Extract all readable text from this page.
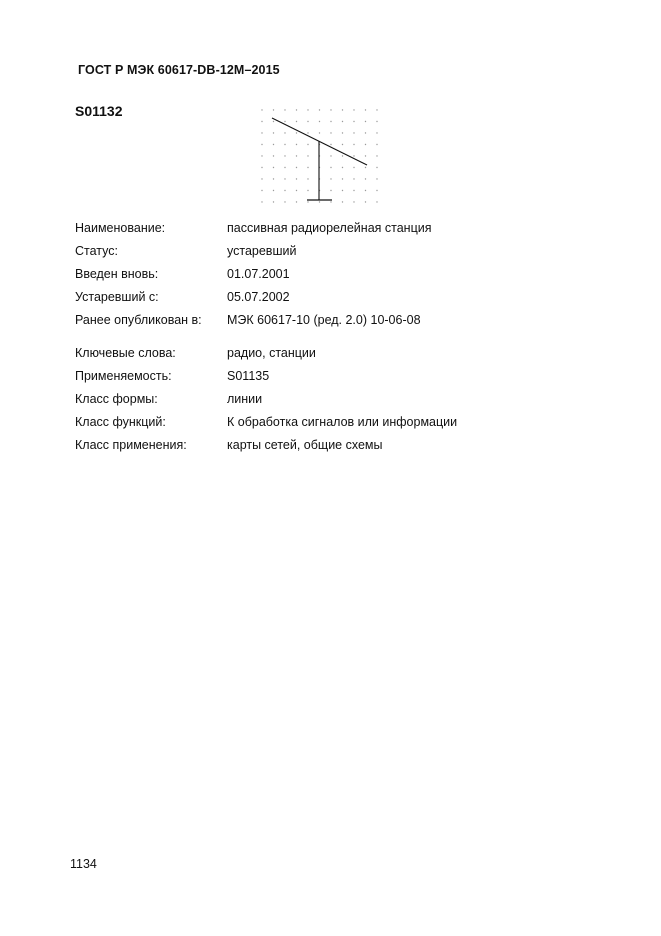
ГОСТ Р МЭК 60617-DB-12M–2015
S01132
Наименование:	пассивная радиорелейная станция
Статус:	устаревший
Введен вновь:	01.07.2001
Устаревший с:	05.07.2002
Ранее опубликован в:	МЭК 60617-10 (ред. 2.0) 10-06-08
Ключевые слова:	радио, станции
Применяемость:	S01135
Класс формы:	линии
Класс функций:	К обработка сигналов или информации
Класс применения:	карты сетей, общие схемы
1134
